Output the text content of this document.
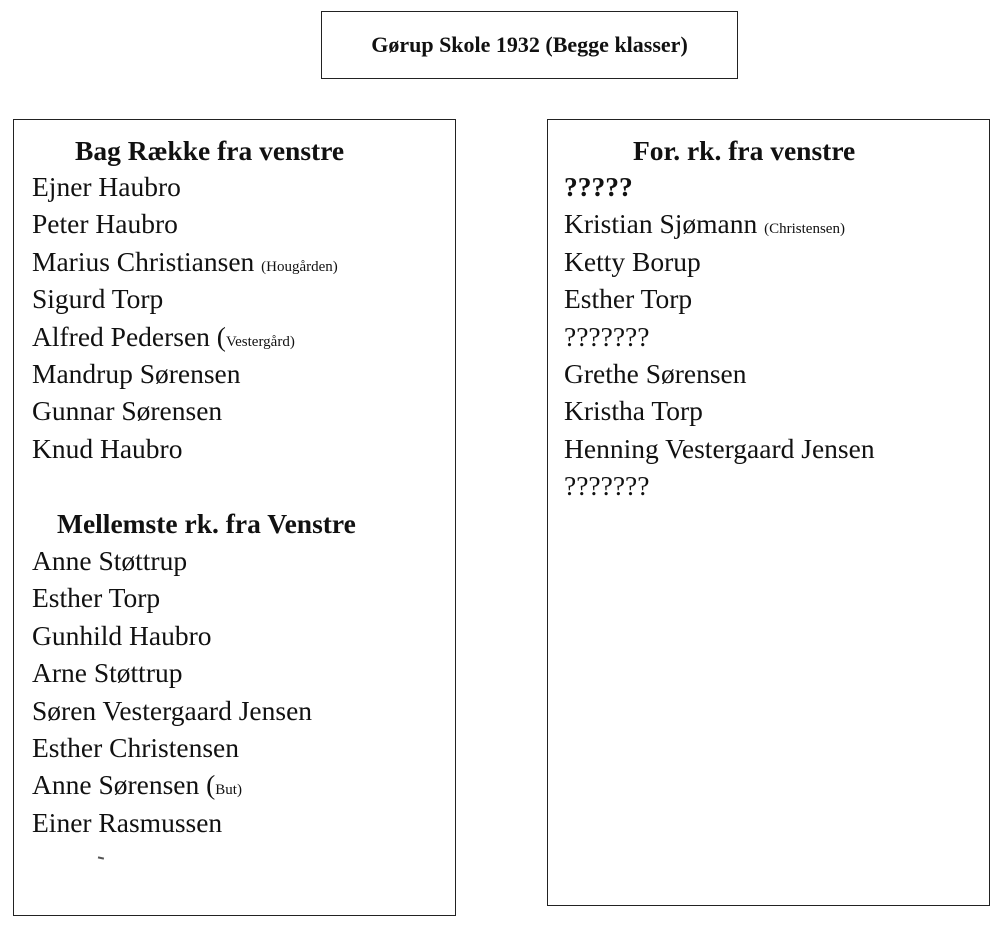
Gørup Skole 1932 (Begge klasser)
Bag Række fra venstre
Ejner Haubro
Peter Haubro
Marius Christiansen (Hougården)
Sigurd Torp
Alfred Pedersen (Vestergård)
Mandrup Sørensen
Gunnar Sørensen
Knud Haubro
Mellemste rk. fra Venstre
Anne Støttrup
Esther Torp
Gunhild Haubro
Arne Støttrup
Søren Vestergaard Jensen
Esther Christensen
Anne Sørensen (But)
Einer Rasmussen
For. rk. fra venstre
?????
Kristian Sjømann (Christensen)
Ketty Borup
Esther Torp
???????
Grethe Sørensen
Kristha Torp
Henning Vestergaard Jensen
???????
